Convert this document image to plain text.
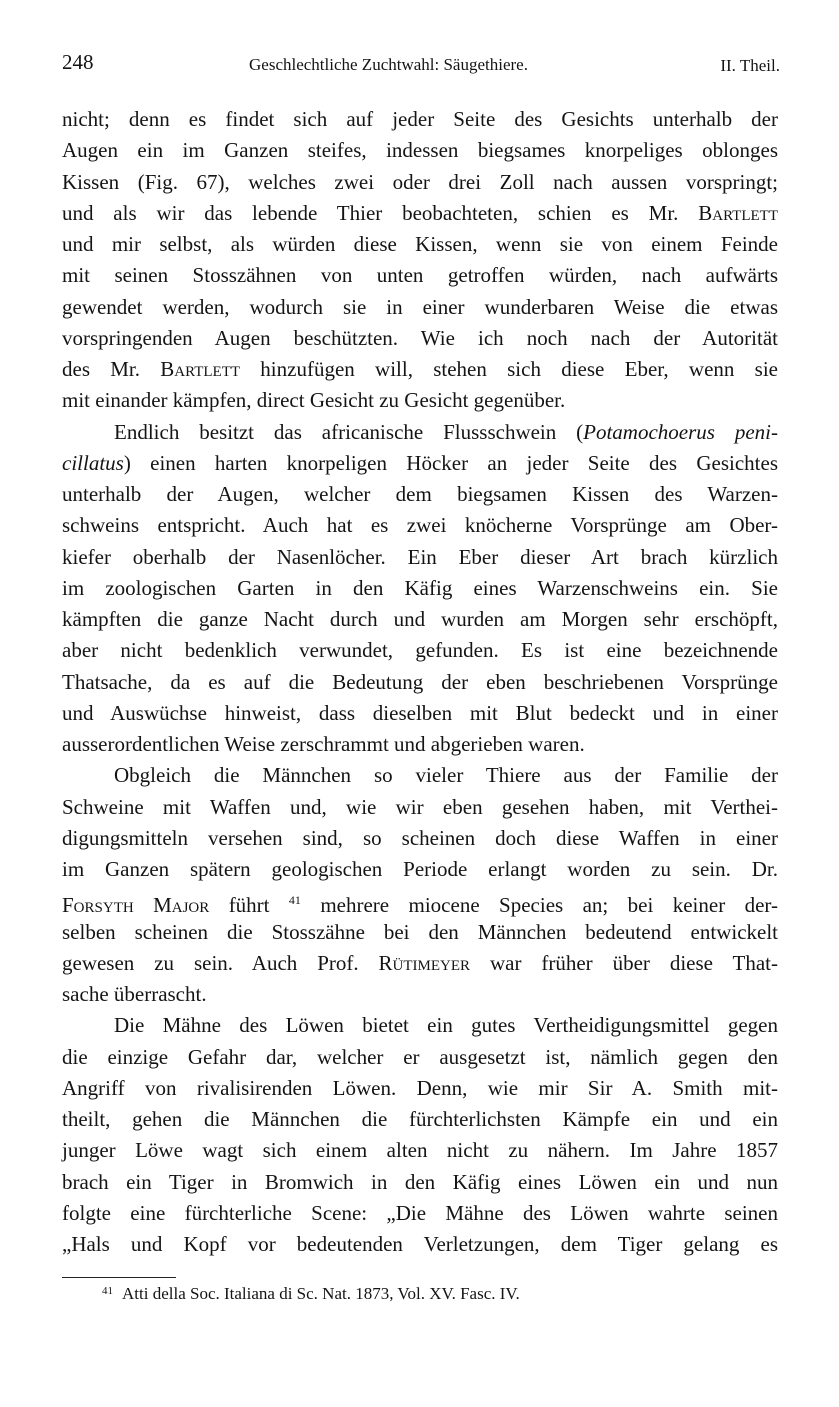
248	Geschlechtliche Zuchtwahl: Säugethiere.	II. Theil.
nicht; denn es findet sich auf jeder Seite des Gesichts unterhalb der
Augen ein im Ganzen steifes, indessen biegsames knorpeliges oblonges
Kissen (Fig. 67), welches zwei oder drei Zoll nach aussen vorspringt;
und als wir das lebende Thier beobachteten, schien es Mr. Bartlett
und mir selbst, als würden diese Kissen, wenn sie von einem Feinde
mit seinen Stosszähnen von unten getroffen würden, nach aufwärts
gewendet werden, wodurch sie in einer wunderbaren Weise die etwas
vorspringenden Augen beschützten. Wie ich noch nach der Autorität
des Mr. Bartlett hinzufügen will, stehen sich diese Eber, wenn sie
mit einander kämpfen, direct Gesicht zu Gesicht gegenüber.
Endlich besitzt das africanische Flussschwein (Potamochoerus peni-
cillatus) einen harten knorpeligen Höcker an jeder Seite des Gesichtes
unterhalb der Augen, welcher dem biegsamen Kissen des Warzen-
schweins entspricht. Auch hat es zwei knöcherne Vorsprünge am Ober-
kiefer oberhalb der Nasenlöcher. Ein Eber dieser Art brach kürzlich
im zoologischen Garten in den Käfig eines Warzenschweins ein. Sie
kämpften die ganze Nacht durch und wurden am Morgen sehr erschöpft,
aber nicht bedenklich verwundet, gefunden. Es ist eine bezeichnende
Thatsache, da es auf die Bedeutung der eben beschriebenen Vorsprünge
und Auswüchse hinweist, dass dieselben mit Blut bedeckt und in einer
ausserordentlichen Weise zerschrammt und abgerieben waren.
Obgleich die Männchen so vieler Thiere aus der Familie der
Schweine mit Waffen und, wie wir eben gesehen haben, mit Verthei-
digungsmitteln versehen sind, so scheinen doch diese Waffen in einer
im Ganzen spätern geologischen Periode erlangt worden zu sein. Dr.
Forsyth Major führt $^{41}$ mehrere miocene Species an; bei keiner der-
selben scheinen die Stosszähne bei den Männchen bedeutend entwickelt
gewesen zu sein. Auch Prof. Rütimeyer war früher über diese That-
sache überrascht.
Die Mähne des Löwen bietet ein gutes Vertheidigungsmittel gegen
die einzige Gefahr dar, welcher er ausgesetzt ist, nämlich gegen den
Angriff von rivalisirenden Löwen. Denn, wie mir Sir A. Smith mit-
theilt, gehen die Männchen die fürchterlichsten Kämpfe ein und ein
junger Löwe wagt sich einem alten nicht zu nähern. Im Jahre 1857
brach ein Tiger in Bromwich in den Käfig eines Löwen ein und nun
folgte eine fürchterliche Scene: „Die Mähne des Löwen wahrte seinen
„Hals und Kopf vor bedeutenden Verletzungen, dem Tiger gelang es
$^{41}$ Atti della Soc. Italiana di Sc. Nat. 1873, Vol. XV. Fasc. IV.
